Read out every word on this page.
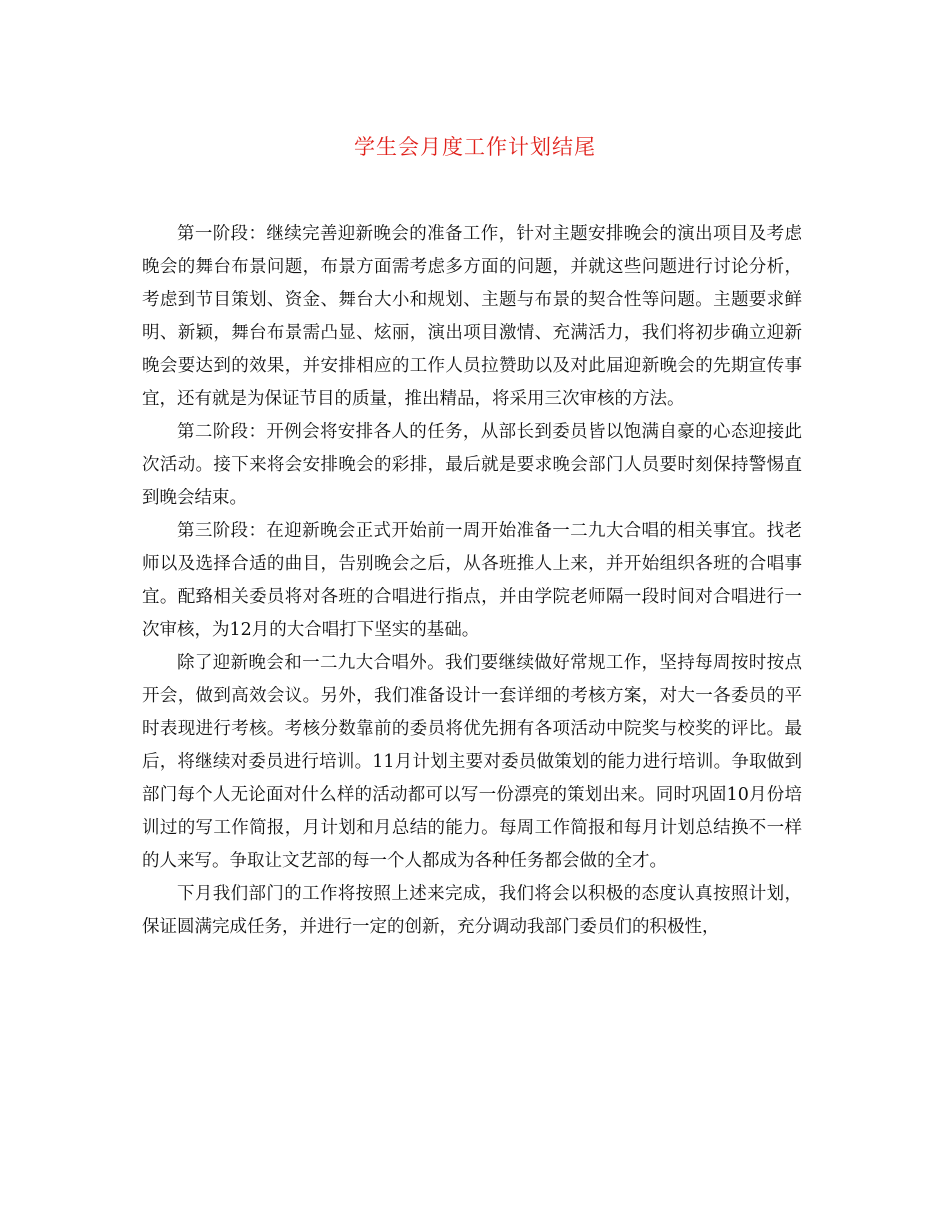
学生会月度工作计划结尾

第一阶段：继续完善迎新晚会的准备工作，针对主题安排晚会的演出项目及考虑晚会的舞台布景问题，布景方面需考虑多方面的问题，并就这些问题进行讨论分析，考虑到节目策划、资金、舞台大小和规划、主题与布景的契合性等问题。主题要求鲜明、新颖，舞台布景需凸显、炫丽，演出项目激情、充满活力，我们将初步确立迎新晚会要达到的效果，并安排相应的工作人员拉赞助以及对此届迎新晚会的先期宣传事宜，还有就是为保证节目的质量，推出精品，将采用三次审核的方法。

第二阶段：开例会将安排各人的任务，从部长到委员皆以饱满自豪的心态迎接此次活动。接下来将会安排晚会的彩排，最后就是要求晚会部门人员要时刻保持警惕直到晚会结束。

第三阶段：在迎新晚会正式开始前一周开始准备一二九大合唱的相关事宜。找老师以及选择合适的曲目，告别晚会之后，从各班推人上来，并开始组织各班的合唱事宜。配臵相关委员将对各班的合唱进行指点，并由学院老师隔一段时间对合唱进行一次审核，为12月的大合唱打下坚实的基础。

除了迎新晚会和一二九大合唱外。我们要继续做好常规工作，坚持每周按时按点开会，做到高效会议。另外，我们准备设计一套详细的考核方案，对大一各委员的平时表现进行考核。考核分数靠前的委员将优先拥有各项活动中院奖与校奖的评比。最后，将继续对委员进行培训。11月计划主要对委员做策划的能力进行培训。争取做到部门每个人无论面对什么样的活动都可以写一份漂亮的策划出来。同时巩固10月份培训过的写工作简报，月计划和月总结的能力。每周工作简报和每月计划总结换不一样的人来写。争取让文艺部的每一个人都成为各种任务都会做的全才。

下月我们部门的工作将按照上述来完成，我们将会以积极的态度认真按照计划，保证圆满完成任务，并进行一定的创新，充分调动我部门委员们的积极性，
